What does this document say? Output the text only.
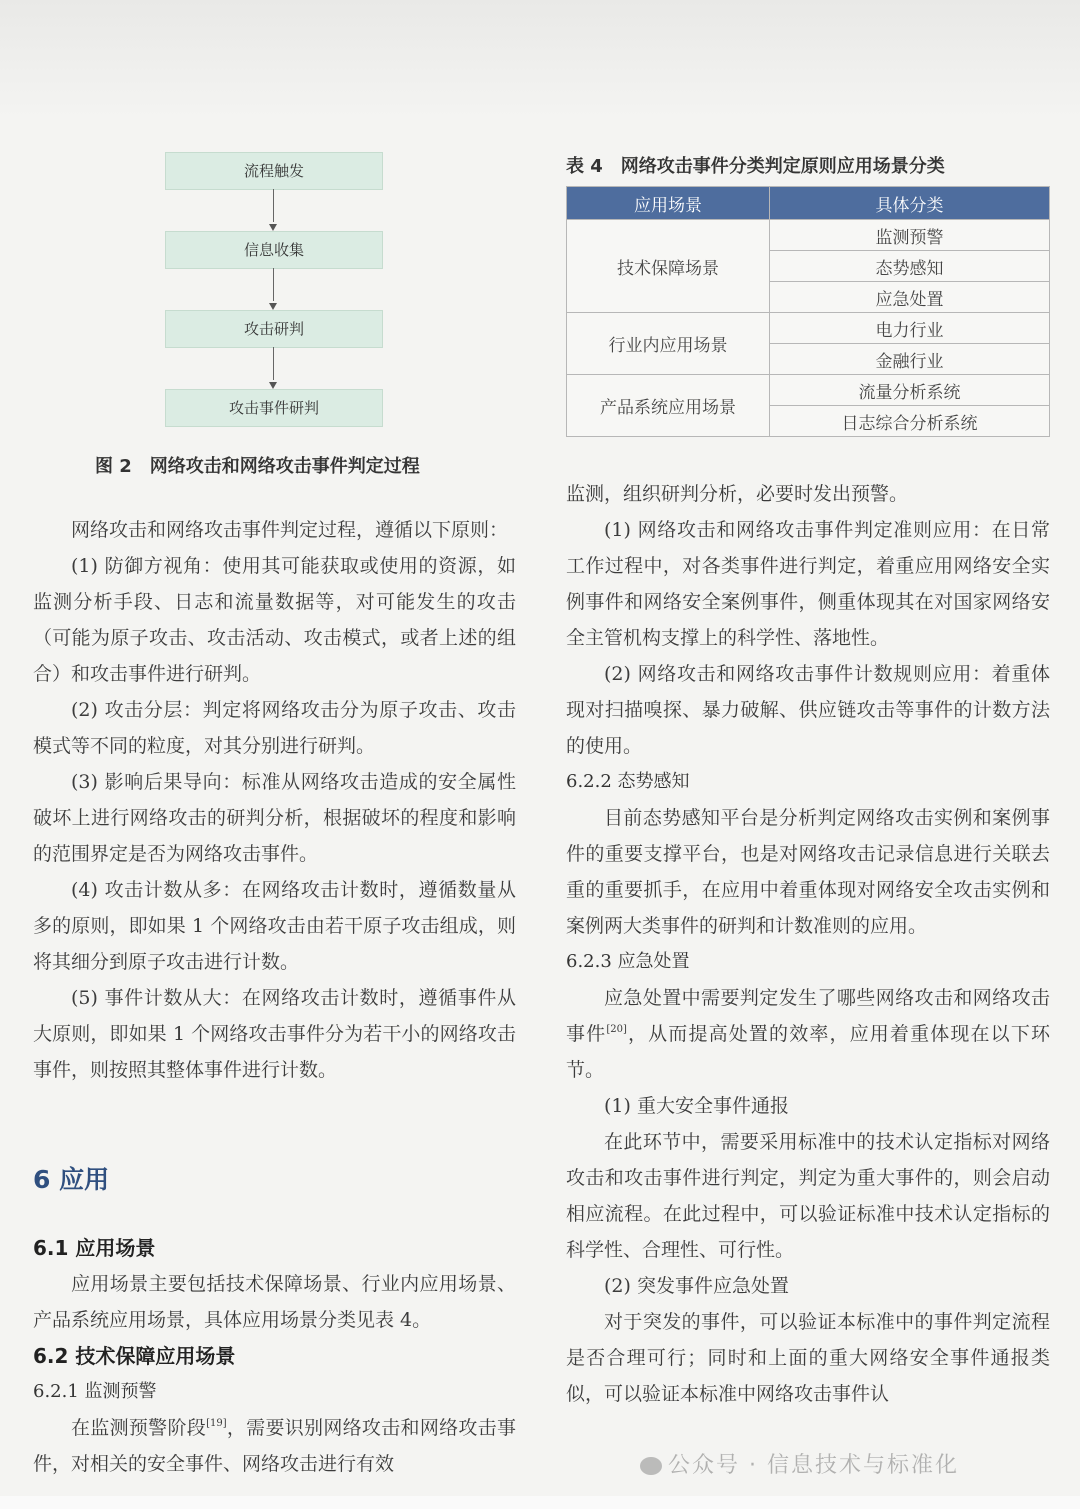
流程触发
信息收集
攻击研判
攻击事件研判
图 2　网络攻击和网络攻击事件判定过程
表 4　网络攻击事件分类判定原则应用场景分类
应用场景	具体分类
技术保障场景	监测预警
	态势感知
	应急处置
行业内应用场景	电力行业
	金融行业
产品系统应用场景	流量分析系统
	日志综合分析系统

网络攻击和网络攻击事件判定过程，遵循以下原则：

(1) 防御方视角：使用其可能获取或使用的资源，如监测分析手段、日志和流量数据等，对可能发生的攻击（可能为原子攻击、攻击活动、攻击模式，或者上述的组合）和攻击事件进行研判。

(2) 攻击分层：判定将网络攻击分为原子攻击、攻击模式等不同的粒度，对其分别进行研判。

(3) 影响后果导向：标准从网络攻击造成的安全属性破坏上进行网络攻击的研判分析，根据破坏的程度和影响的范围界定是否为网络攻击事件。

(4) 攻击计数从多：在网络攻击计数时，遵循数量从多的原则，即如果 1 个网络攻击由若干原子攻击组成，则将其细分到原子攻击进行计数。

(5) 事件计数从大：在网络攻击计数时，遵循事件从大原则，即如果 1 个网络攻击事件分为若干小的网络攻击事件，则按照其整体事件进行计数。

6 应用
6.1 应用场景

应用场景主要包括技术保障场景、行业内应用场景、产品系统应用场景，具体应用场景分类见表 4。

6.2 技术保障应用场景
6.2.1 监测预警

在监测预警阶段[19]，需要识别网络攻击和网络攻击事件，对相关的安全事件、网络攻击进行有效

监测，组织研判分析，必要时发出预警。

(1) 网络攻击和网络攻击事件判定准则应用：在日常工作过程中，对各类事件进行判定，着重应用网络安全实例事件和网络安全案例事件，侧重体现其在对国家网络安全主管机构支撑上的科学性、落地性。

(2) 网络攻击和网络攻击事件计数规则应用：着重体现对扫描嗅探、暴力破解、供应链攻击等事件的计数方法的使用。

6.2.2 态势感知

目前态势感知平台是分析判定网络攻击实例和案例事件的重要支撑平台，也是对网络攻击记录信息进行关联去重的重要抓手，在应用中着重体现对网络安全攻击实例和案例两大类事件的研判和计数准则的应用。

6.2.3 应急处置

应急处置中需要判定发生了哪些网络攻击和网络攻击事件[20]，从而提高处置的效率，应用着重体现在以下环节。

(1) 重大安全事件通报

在此环节中，需要采用标准中的技术认定指标对网络攻击和攻击事件进行判定，判定为重大事件的，则会启动相应流程。在此过程中，可以验证标准中技术认定指标的科学性、合理性、可行性。

(2) 突发事件应急处置

对于突发的事件，可以验证本标准中的事件判定流程是否合理可行；同时和上面的重大网络安全事件通报类似，可以验证本标准中网络攻击事件认

公众号 · 信息技术与标准化
